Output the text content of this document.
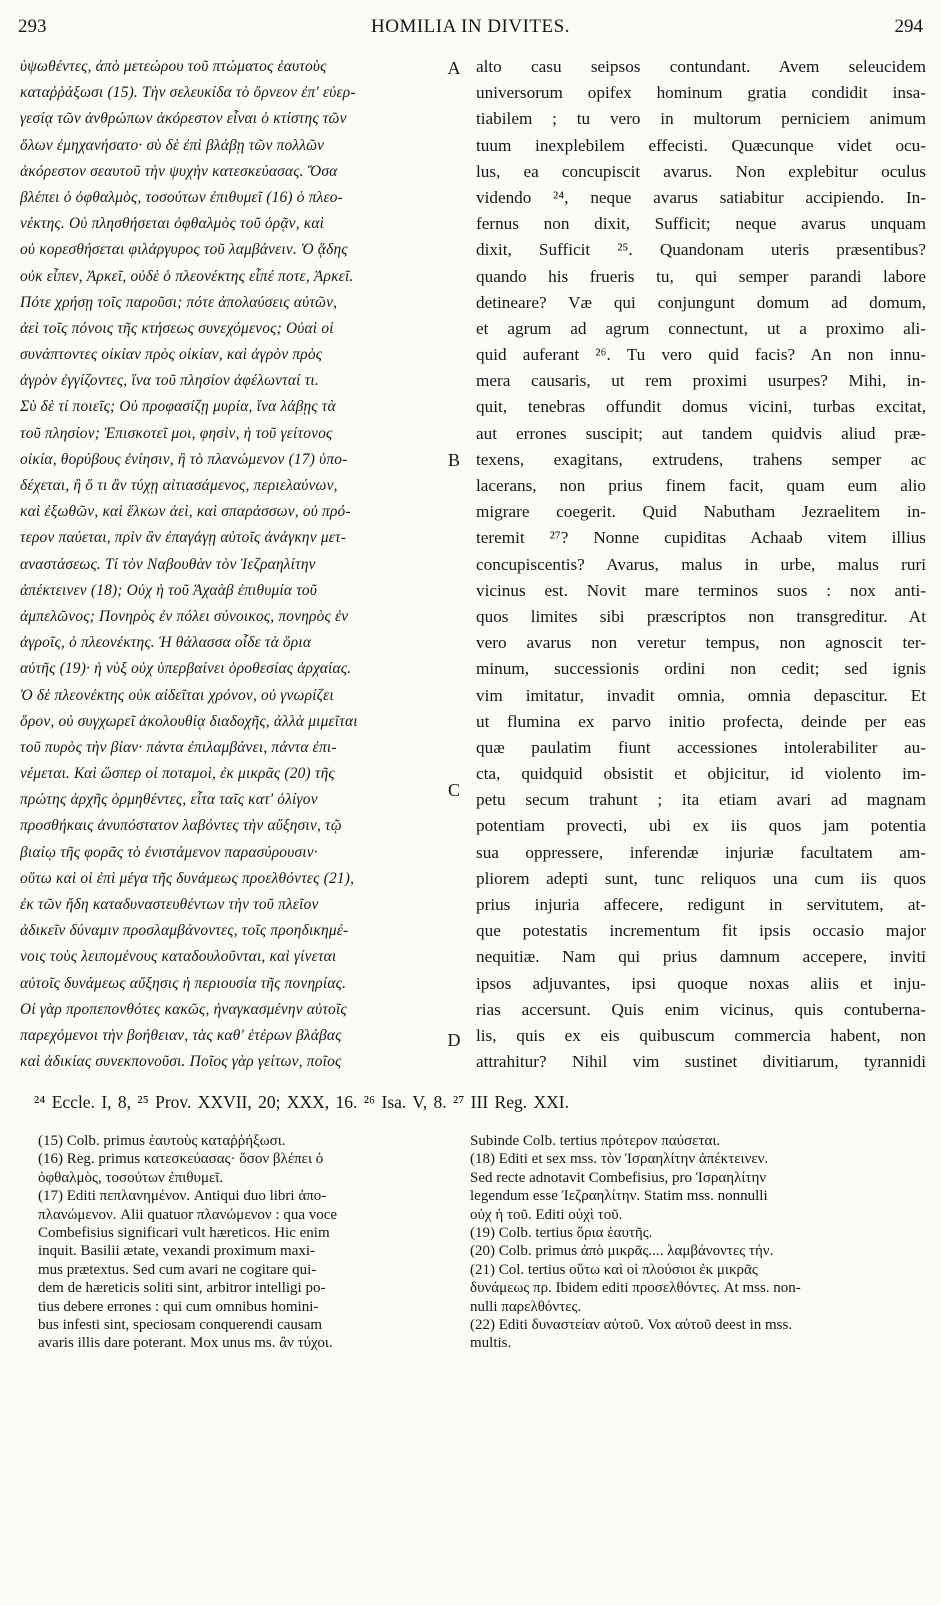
293	HOMILIA IN DIVITES.	294
ὑψωθέντες, ἀπὸ μετεώρου τοῦ πτώματος ἑαυτοὺς
καταῤῥάξωσι (15). Τὴν σελευκίδα τὸ ὄρνεον ἐπ' εὐερ-
γεσίᾳ τῶν ἀνθρώπων ἀκόρεστον εἶναι ὁ κτίστης τῶν
ὅλων ἐμηχανήσατο· σὺ δὲ ἐπὶ βλάβῃ τῶν πολλῶν
ἀκόρεστον σεαυτοῦ τὴν ψυχὴν κατεσκεύασας. Ὅσα
βλέπει ὁ ὀφθαλμὸς, τοσούτων ἐπιθυμεῖ (16) ὁ πλεο-
νέκτης. Οὐ πλησθήσεται ὀφθαλμὸς τοῦ ὁρᾷν, καὶ
οὐ κορεσθήσεται φιλάργυρος τοῦ λαμβάνειν. Ὁ ᾅδης
οὐκ εἶπεν, Ἀρκεῖ, οὐδὲ ὁ πλεονέκτης εἶπέ ποτε, Ἀρκεῖ.
Πότε χρήσῃ τοῖς παροῦσι; πότε ἀπολαύσεις αὐτῶν,
ἀεὶ τοῖς πόνοις τῆς κτήσεως συνεχόμενος; Οὐαὶ οἱ
συνάπτοντες οἰκίαν πρὸς οἰκίαν, καὶ ἀγρὸν πρὸς
ἀγρὸν ἐγγίζοντες, ἵνα τοῦ πλησίον ἀφέλωνταί τι.
Σὺ δὲ τί ποιεῖς; Οὐ προφασίζῃ μυρία, ἵνα λάβῃς τὰ
τοῦ πλησίον; Ἐπισκοτεῖ μοι, φησὶν, ἡ τοῦ γείτονος
οἰκία, θορύβους ἐνίησιν, ἢ τὸ πλανώμενον (17) ὑπο-
δέχεται, ἢ ὅ τι ἂν τύχῃ αἰτιασάμενος, περιελαύνων,
καὶ ἐξωθῶν, καὶ ἕλκων ἀεὶ, καὶ σπαράσσων, οὐ πρό-
τερον παύεται, πρὶν ἂν ἐπαγάγῃ αὐτοῖς ἀνάγκην μετ-
αναστάσεως. Τί τὸν Ναβουθὰν τὸν Ἰεζραηλίτην
ἀπέκτεινεν (18); Οὐχ ἡ τοῦ Ἀχαὰβ ἐπιθυμία τοῦ
ἀμπελῶνος; Πονηρὸς ἐν πόλει σύνοικος, πονηρὸς ἐν
ἀγροῖς, ὁ πλεονέκτης. Ἡ θάλασσα οἶδε τὰ ὅρια
αὐτῆς (19)· ἡ νὺξ οὐχ ὑπερβαίνει ὁροθεσίας ἀρχαίας.
Ὁ δὲ πλεονέκτης οὐκ αἰδεῖται χρόνον, οὐ γνωρίζει
ὅρον, οὐ συγχωρεῖ ἀκολουθίᾳ διαδοχῆς, ἀλλὰ μιμεῖται
τοῦ πυρὸς τὴν βίαν· πάντα ἐπιλαμβάνει, πάντα ἐπι-
νέμεται. Καὶ ὥσπερ οἱ ποταμοὶ, ἐκ μικρᾶς (20) τῆς
πρώτης ἀρχῆς ὁρμηθέντες, εἶτα ταῖς κατ' ὀλίγον
προσθήκαις ἀνυπόστατον λαβόντες τὴν αὔξησιν, τῷ
βιαίῳ τῆς φορᾶς τὸ ἐνιστάμενον παρασύρουσιν·
οὕτω καὶ οἱ ἐπὶ μέγα τῆς δυνάμεως προελθόντες (21),
ἐκ τῶν ἤδη καταδυναστευθέντων τὴν τοῦ πλεῖον
ἀδικεῖν δύναμιν προσλαμβάνοντες, τοῖς προηδικημέ-
νοις τοὺς λειπομένους καταδουλοῦνται, καὶ γίνεται
αὐτοῖς δυνάμεως αὔξησις ἡ περιουσία τῆς πονηρίας.
Οἱ γὰρ προπεπονθότες κακῶς, ἠναγκασμένην αὐτοῖς
παρεχόμενοι τὴν βοήθειαν, τὰς καθ' ἑτέρων βλάβας
καὶ ἀδικίας συνεκπονοῦσι. Ποῖος γὰρ γείτων, ποῖος
alto casu seipsos contundant. Avem seleucidem
universorum opifex hominum gratia condidit insa-
tiabilem ; tu vero in multorum perniciem animum
tuum inexplebilem effecisti. Quæcunque videt ocu-
lus, ea concupiscit avarus. Non explebitur oculus
videndo ²⁴, neque avarus satiabitur accipiendo. In-
fernus non dixit, Sufficit; neque avarus unquam
dixit, Sufficit ²⁵. Quandonam uteris præsentibus?
quando his frueris tu, qui semper parandi labore
detineare? Væ qui conjungunt domum ad domum,
et agrum ad agrum connectunt, ut a proximo ali-
quid auferant ²⁶. Tu vero quid facis? An non innu-
mera causaris, ut rem proximi usurpes? Mihi, in-
quit, tenebras offundit domus vicini, turbas excitat,
aut errones suscipit; aut tandem quidvis aliud præ-
texens, exagitans, extrudens, trahens semper ac
lacerans, non prius finem facit, quam eum alio
migrare coegerit. Quid Nabutham Jezraelitem in-
teremit ²⁷? Nonne cupiditas Achaab vitem illius
concupiscentis? Avarus, malus in urbe, malus ruri
vicinus est. Novit mare terminos suos : nox anti-
quos limites sibi præscriptos non transgreditur. At
vero avarus non veretur tempus, non agnoscit ter-
minum, successionis ordini non cedit; sed ignis
vim imitatur, invadit omnia, omnia depascitur. Et
ut flumina ex parvo initio profecta, deinde per eas
quæ paulatim fiunt accessiones intolerabiliter au-
cta, quidquid obsistit et objicitur, id violento im-
petu secum trahunt ; ita etiam avari ad magnam
potentiam provecti, ubi ex iis quos jam potentia
sua oppressere, inferendæ injuriæ facultatem am-
pliorem adepti sunt, tunc reliquos una cum iis quos
prius injuria affecere, redigunt in servitutem, at-
que potestatis incrementum fit ipsis occasio major
nequitiæ. Nam qui prius damnum accepere, inviti
ipsos adjuvantes, ipsi quoque noxas aliis et inju-
rias accersunt. Quis enim vicinus, quis contuberna-
lis, quis ex eis quibuscum commercia habent, non
attrahitur? Nihil vim sustinet divitiarum, tyrannidi
A
B
C
D
²⁴ Eccle. I, 8, ²⁵ Prov. XXVII, 20; XXX, 16. ²⁶ Isa. V, 8. ²⁷ III Reg. XXI.
(15) Colb. primus ἑαυτοὺς καταῤῥήξωσι.
(16) Reg. primus κατεσκεύασας· ὅσον βλέπει ὁ
ὀφθαλμὸς, τοσούτων ἐπιθυμεῖ.
(17) Editi πεπλανημένον. Antiqui duo libri ἀπο-
πλανώμενον. Alii quatuor πλανώμενον : qua voce
Combefisius significari vult hæreticos. Hic enim
inquit. Basilii ætate, vexandi proximum maxi-
mus prætextus. Sed cum avari ne cogitare qui-
dem de hæreticis soliti sint, arbitror intelligi po-
tius debere errones : qui cum omnibus homini-
bus infesti sint, speciosam conquerendi causam
avaris illis dare poterant. Mox unus ms. ἂν τύχοι.
Subinde Colb. tertius πρότερον παύσεται.
(18) Editi et sex mss. τὸν Ἰσραηλίτην ἀπέκτεινεν.
Sed recte adnotavit Combefisius, pro Ἰσραηλίτην
legendum esse Ἰεζραηλίτην. Statim mss. nonnulli
οὐχ ἡ τοῦ. Editi οὐχὶ τοῦ.
(19) Colb. tertius ὅρια ἑαυτῆς.
(20) Colb. primus ἀπὸ μικρᾶς.... λαμβάνοντες τήν.
(21) Col. tertius οὕτω καὶ οἱ πλούσιοι ἐκ μικρᾶς
δυνάμεως πρ. Ibidem editi προσελθόντες. At mss. non-
nulli παρελθόντες.
(22) Editi δυναστείαν αὐτοῦ. Vox αὐτοῦ deest in mss.
multis.
